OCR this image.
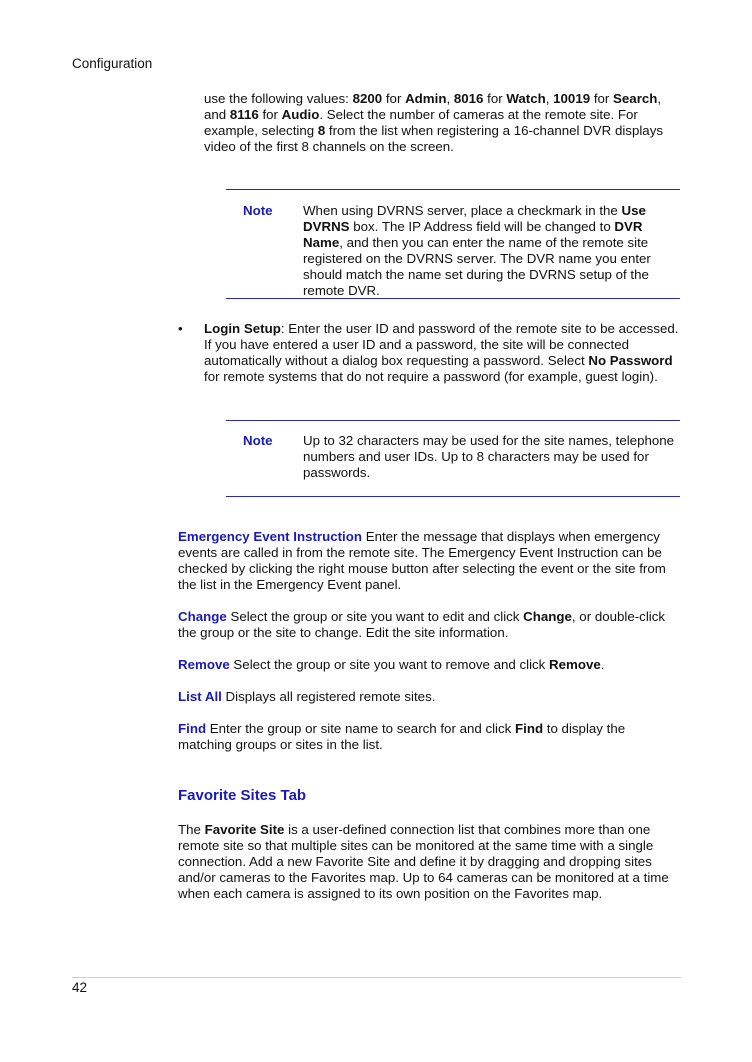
Configuration

use the following values: 8200 for Admin, 8016 for Watch, 10019 for Search, and 8116 for Audio. Select the number of cameras at the remote site. For example, selecting 8 from the list when registering a 16-channel DVR displays video of the first 8 channels on the screen.

Note When using DVRNS server, place a checkmark in the Use DVRNS box. The IP Address field will be changed to DVR Name, and then you can enter the name of the remote site registered on the DVRNS server. The DVR name you enter should match the name set during the DVRNS setup of the remote DVR.

• Login Setup: Enter the user ID and password of the remote site to be accessed. If you have entered a user ID and a password, the site will be connected automatically without a dialog box requesting a password. Select No Password for remote systems that do not require a password (for example, guest login).

Note Up to 32 characters may be used for the site names, telephone numbers and user IDs. Up to 8 characters may be used for passwords.

Emergency Event Instruction Enter the message that displays when emergency events are called in from the remote site. The Emergency Event Instruction can be checked by clicking the right mouse button after selecting the event or the site from the list in the Emergency Event panel.

Change Select the group or site you want to edit and click Change, or double-click the group or the site to change. Edit the site information.

Remove Select the group or site you want to remove and click Remove.

List All Displays all registered remote sites.

Find Enter the group or site name to search for and click Find to display the matching groups or sites in the list.

Favorite Sites Tab

The Favorite Site is a user-defined connection list that combines more than one remote site so that multiple sites can be monitored at the same time with a single connection. Add a new Favorite Site and define it by dragging and dropping sites and/or cameras to the Favorites map. Up to 64 cameras can be monitored at a time when each camera is assigned to its own position on the Favorites map.

42
